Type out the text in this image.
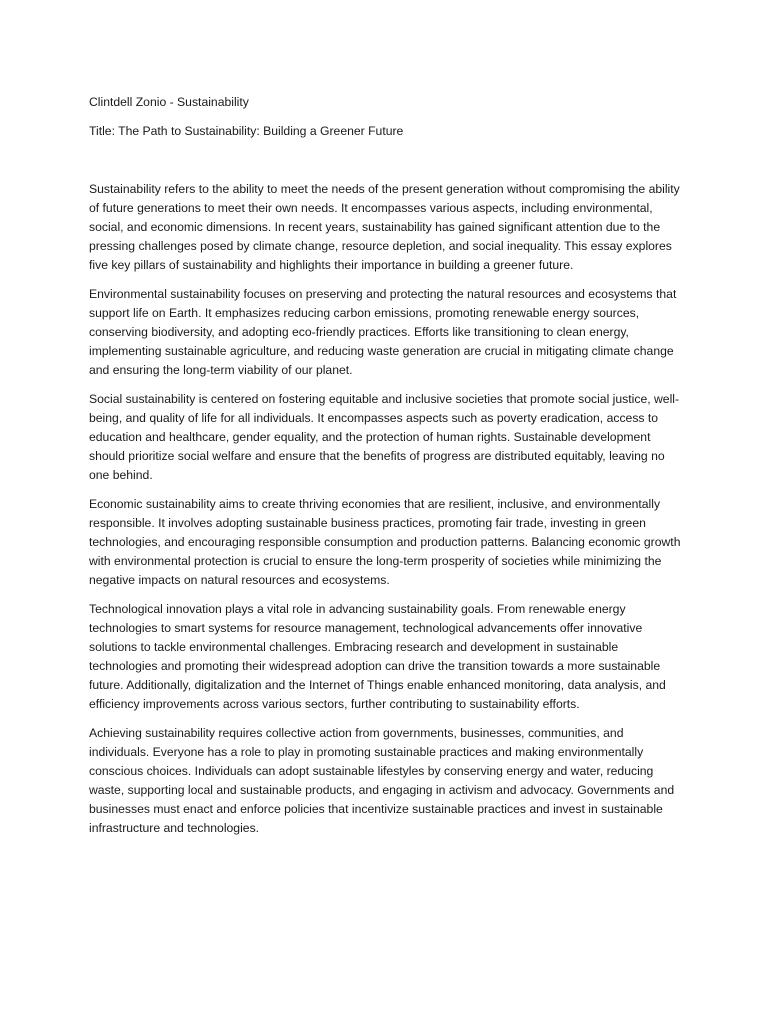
Clintdell Zonio - Sustainability

Title: The Path to Sustainability: Building a Greener Future

Sustainability refers to the ability to meet the needs of the present generation without compromising the ability of future generations to meet their own needs. It encompasses various aspects, including environmental, social, and economic dimensions. In recent years, sustainability has gained significant attention due to the pressing challenges posed by climate change, resource depletion, and social inequality. This essay explores five key pillars of sustainability and highlights their importance in building a greener future.

Environmental sustainability focuses on preserving and protecting the natural resources and ecosystems that support life on Earth. It emphasizes reducing carbon emissions, promoting renewable energy sources, conserving biodiversity, and adopting eco-friendly practices. Efforts like transitioning to clean energy, implementing sustainable agriculture, and reducing waste generation are crucial in mitigating climate change and ensuring the long-term viability of our planet.

Social sustainability is centered on fostering equitable and inclusive societies that promote social justice, well-being, and quality of life for all individuals. It encompasses aspects such as poverty eradication, access to education and healthcare, gender equality, and the protection of human rights. Sustainable development should prioritize social welfare and ensure that the benefits of progress are distributed equitably, leaving no one behind.

Economic sustainability aims to create thriving economies that are resilient, inclusive, and environmentally responsible. It involves adopting sustainable business practices, promoting fair trade, investing in green technologies, and encouraging responsible consumption and production patterns. Balancing economic growth with environmental protection is crucial to ensure the long-term prosperity of societies while minimizing the negative impacts on natural resources and ecosystems.

Technological innovation plays a vital role in advancing sustainability goals. From renewable energy technologies to smart systems for resource management, technological advancements offer innovative solutions to tackle environmental challenges. Embracing research and development in sustainable technologies and promoting their widespread adoption can drive the transition towards a more sustainable future. Additionally, digitalization and the Internet of Things enable enhanced monitoring, data analysis, and efficiency improvements across various sectors, further contributing to sustainability efforts.

Achieving sustainability requires collective action from governments, businesses, communities, and individuals. Everyone has a role to play in promoting sustainable practices and making environmentally conscious choices. Individuals can adopt sustainable lifestyles by conserving energy and water, reducing waste, supporting local and sustainable products, and engaging in activism and advocacy. Governments and businesses must enact and enforce policies that incentivize sustainable practices and invest in sustainable infrastructure and technologies.
